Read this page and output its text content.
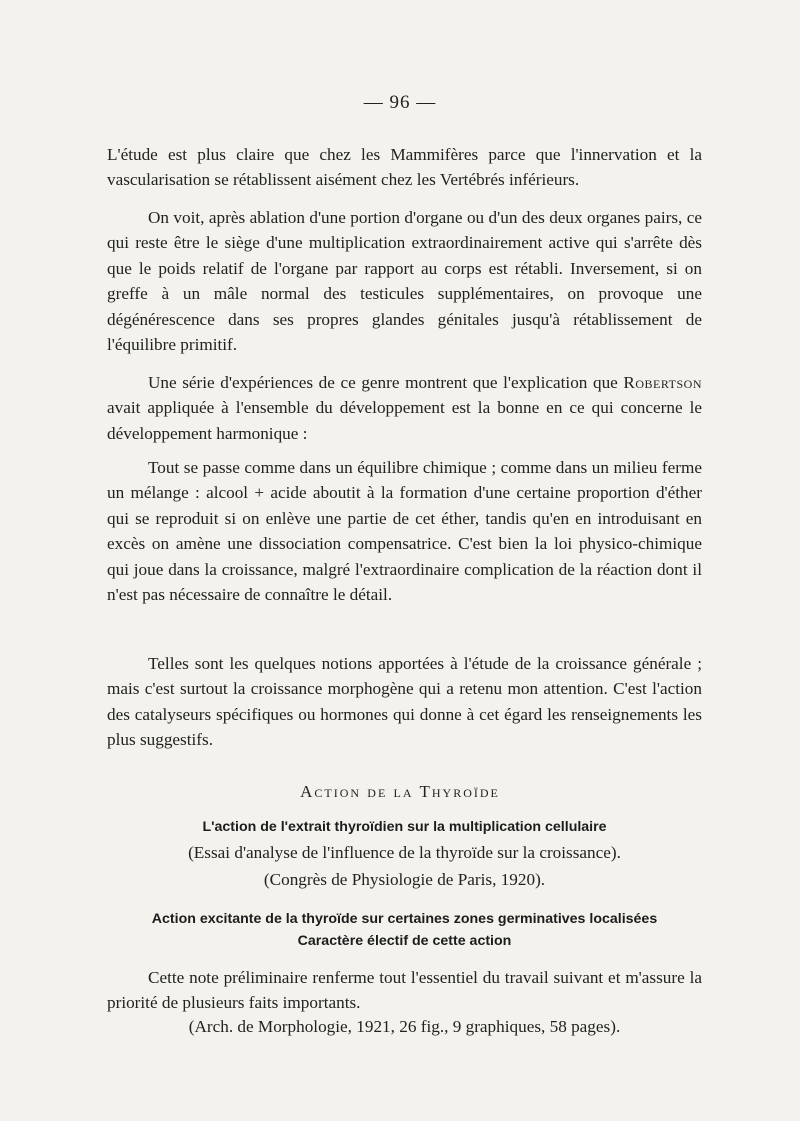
— 96 —

L'étude est plus claire que chez les Mammifères parce que l'innervation et la vascularisation se rétablissent aisément chez les Vertébrés inférieurs.

On voit, après ablation d'une portion d'organe ou d'un des deux organes pairs, ce qui reste être le siège d'une multiplication extraordinairement active qui s'arrête dès que le poids relatif de l'organe par rapport au corps est rétabli. Inversement, si on greffe à un mâle normal des testicules supplémentaires, on provoque une dégénérescence dans ses propres glandes génitales jusqu'à rétablissement de l'équilibre primitif.

Une série d'expériences de ce genre montrent que l'explication que Robertson avait appliquée à l'ensemble du développement est la bonne en ce qui concerne le développement harmonique :

Tout se passe comme dans un équilibre chimique ; comme dans un milieu ferme un mélange : alcool + acide aboutit à la formation d'une certaine proportion d'éther qui se reproduit si on enlève une partie de cet éther, tandis qu'en en introduisant en excès on amène une dissociation compensatrice. C'est bien la loi physico-chimique qui joue dans la croissance, malgré l'extraordinaire complication de la réaction dont il n'est pas nécessaire de connaître le détail.

Telles sont les quelques notions apportées à l'étude de la croissance générale ; mais c'est surtout la croissance morphogène qui a retenu mon attention. C'est l'action des catalyseurs spécifiques ou hormones qui donne à cet égard les renseignements les plus suggestifs.

Action de la Thyroïde
L'action de l'extrait thyroïdien sur la multiplication cellulaire
(Essai d'analyse de l'influence de la thyroïde sur la croissance).
(Congrès de Physiologie de Paris, 1920).
Action excitante de la thyroïde sur certaines zones germinatives localisées
Caractère électif de cette action

Cette note préliminaire renferme tout l'essentiel du travail suivant et m'assure la priorité de plusieurs faits importants.

(Arch. de Morphologie, 1921, 26 fig., 9 graphiques, 58 pages).
